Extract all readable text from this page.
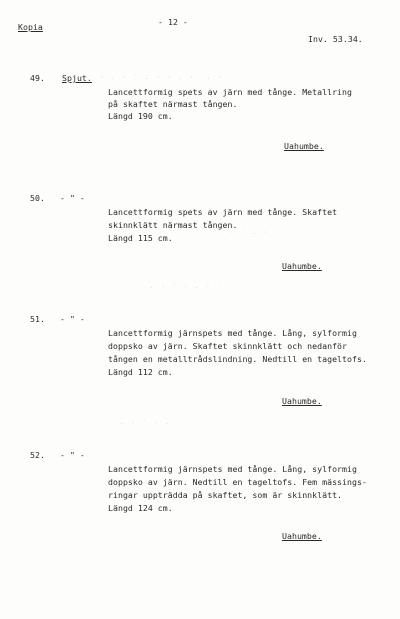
· . · ˙ . · · . ·˙ . ·
. · ˙ · . · ˙
· ˙ . ·
. · ˙ · .
Kopia	- 12 -
Inv. 53.34.
49. Spjut.
Lancettformig spets av järn med tånge. Metallring
på skaftet närmast tången.
Längd 190 cm.
Uahumbe.
50. - " -
Lancettformig spets av järn med tånge. Skaftet
skinnklätt närmast tången.
Längd 115 cm.
Uahumbe.
51. - " -
Lancettformig järnspets med tånge. Lång, sylformig
doppsko av järn. Skaftet skinnklätt och nedanför
tången en metalltrådslindning. Nedtill en tageltofs.
Längd 112 cm.
Uahumbe.
52. - " -
Lancettformig järnspets med tånge. Lång, sylformig
doppsko av järn. Nedtill en tageltofs. Fem mässings-
ringar uppträdda på skaftet, som är skinnklätt.
Längd 124 cm.
Uahumbe.
